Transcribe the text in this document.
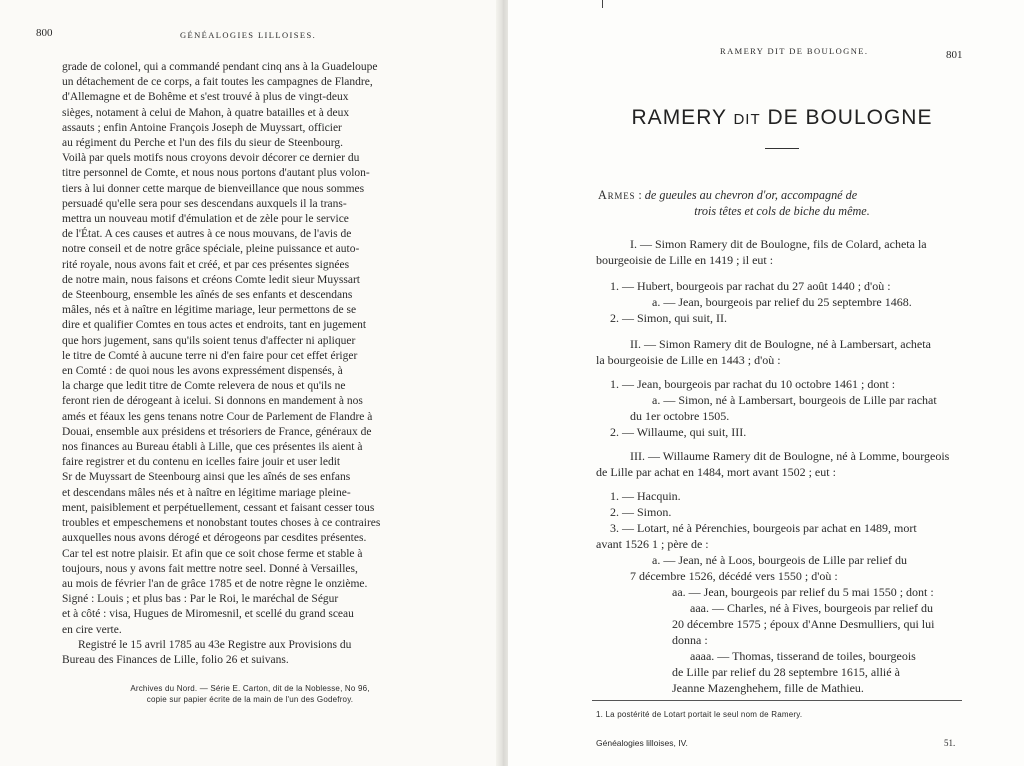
800	GÉNÉALOGIES LILLOISES.

grade de colonel, qui a commandé pendant cinq ans à la Guadeloupe

un détachement de ce corps, a fait toutes les campagnes de Flandre,

d'Allemagne et de Bohême et s'est trouvé à plus de vingt-deux

sièges, notament à celui de Mahon, à quatre batailles et à deux

assauts ; enfin Antoine François Joseph de Muyssart, officier

au régiment du Perche et l'un des fils du sieur de Steenbourg.

Voilà par quels motifs nous croyons devoir décorer ce dernier du

titre personnel de Comte, et nous nous portons d'autant plus volon-

tiers à lui donner cette marque de bienveillance que nous sommes

persuadé qu'elle sera pour ses descendans auxquels il la trans-

mettra un nouveau motif d'émulation et de zèle pour le service

de l'État. A ces causes et autres à ce nous mouvans, de l'avis de

notre conseil et de notre grâce spéciale, pleine puissance et auto-

rité royale, nous avons fait et créé, et par ces présentes signées

de notre main, nous faisons et créons Comte ledit sieur Muyssart

de Steenbourg, ensemble les aînés de ses enfants et descendans

mâles, nés et à naître en légitime mariage, leur permettons de se

dire et qualifier Comtes en tous actes et endroits, tant en jugement

que hors jugement, sans qu'ils soient tenus d'affecter ni apliquer

le titre de Comté à aucune terre ni d'en faire pour cet effet ériger

en Comté : de quoi nous les avons expressément dispensés, à

la charge que ledit titre de Comte relevera de nous et qu'ils ne

feront rien de dérogeant à icelui. Si donnons en mandement à nos

amés et féaux les gens tenans notre Cour de Parlement de Flandre à

Douai, ensemble aux présidens et trésoriers de France, généraux de

nos finances au Bureau établi à Lille, que ces présentes ils aient à

faire registrer et du contenu en icelles faire jouir et user ledit

Sr de Muyssart de Steenbourg ainsi que les aînés de ses enfans

et descendans mâles nés et à naître en légitime mariage pleine-

ment, paisiblement et perpétuellement, cessant et faisant cesser tous

troubles et empeschemens et nonobstant toutes choses à ce contraires

auxquelles nous avons dérogé et dérogeons par cesdites présentes.

Car tel est notre plaisir. Et afin que ce soit chose ferme et stable à

toujours, nous y avons fait mettre notre seel. Donné à Versailles,

au mois de février l'an de grâce 1785 et de notre règne le onzième.

Signé : Louis ; et plus bas : Par le Roi, le maréchal de Ségur

et à côté : visa, Hugues de Miromesnil, et scellé du grand sceau

en cire verte.

Registré le 15 avril 1785 au 43e Registre aux Provisions du

Bureau des Finances de Lille, folio 26 et suivans.

Archives du Nord. — Série E. Carton, dit de la Noblesse, No 96,
copie sur papier écrite de la main de l'un des Godefroy.
RAMERY DIT DE BOULOGNE.	801
RAMERY DIT DE BOULOGNE
Armes : de gueules au chevron d'or, accompagné de
trois têtes et cols de biche du même.
I. — Simon Ramery dit de Boulogne, fils de Colard, acheta la
bourgeoisie de Lille en 1419 ; il eut :
1. — Hubert, bourgeois par rachat du 27 août 1440 ; d'où :
a. — Jean, bourgeois par relief du 25 septembre 1468.
2. — Simon, qui suit, II.
II. — Simon Ramery dit de Boulogne, né à Lambersart, acheta
la bourgeoisie de Lille en 1443 ; d'où :
1. — Jean, bourgeois par rachat du 10 octobre 1461 ; dont :
a. — Simon, né à Lambersart, bourgeois de Lille par rachat
du 1er octobre 1505.
2. — Willaume, qui suit, III.
III. — Willaume Ramery dit de Boulogne, né à Lomme, bourgeois
de Lille par achat en 1484, mort avant 1502 ; eut :
1. — Hacquin.
2. — Simon.
3. — Lotart, né à Pérenchies, bourgeois par achat en 1489, mort
avant 1526 1 ; père de :
a. — Jean, né à Loos, bourgeois de Lille par relief du
7 décembre 1526, décédé vers 1550 ; d'où :
aa. — Jean, bourgeois par relief du 5 mai 1550 ; dont :
aaa. — Charles, né à Fives, bourgeois par relief du
20 décembre 1575 ; époux d'Anne Desmulliers, qui lui
donna :
aaaa. — Thomas, tisserand de toiles, bourgeois
de Lille par relief du 28 septembre 1615, allié à
Jeanne Mazenghehem, fille de Mathieu.
1. La postérité de Lotart portait le seul nom de Ramery.
Généalogies lilloises, IV.	51.
